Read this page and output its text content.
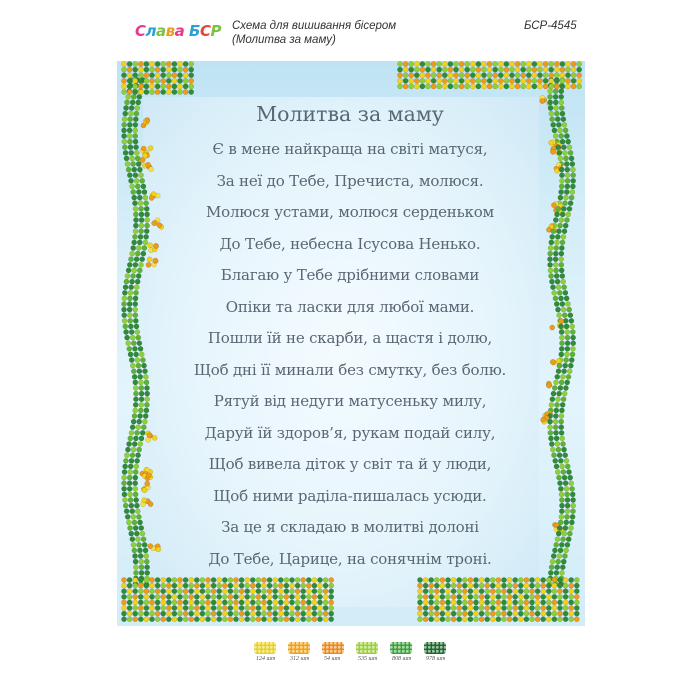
Слава БСР Схема для вишивання бісером
(Молитва за маму)
БСР-4545
Молитва за маму
Є в мене найкраща на світі матуся,
За неї до Тебе, Пречиста, молюся.
Молюся устами, молюся серденьком
До Тебе, небесна Ісусова Ненько.
Благаю у Тебе дрібними словами
Опіки та ласки для любої мами.
Пошли їй не скарби, а щастя і долю,
Щоб дні її минали без смутку, без болю.
Рятуй від недуги матусеньку милу,
Даруй їй здоров’я, рукам подай силу,
Щоб вивела діток у світ та й у люди,
Щоб ними раділа-пишалась усюди.
За це я складаю в молитві долоні
До Тебе, Царице, на сонячнім троні.
124 шт 312 шт 54 шт	535 шт 808 шт 978 шт
